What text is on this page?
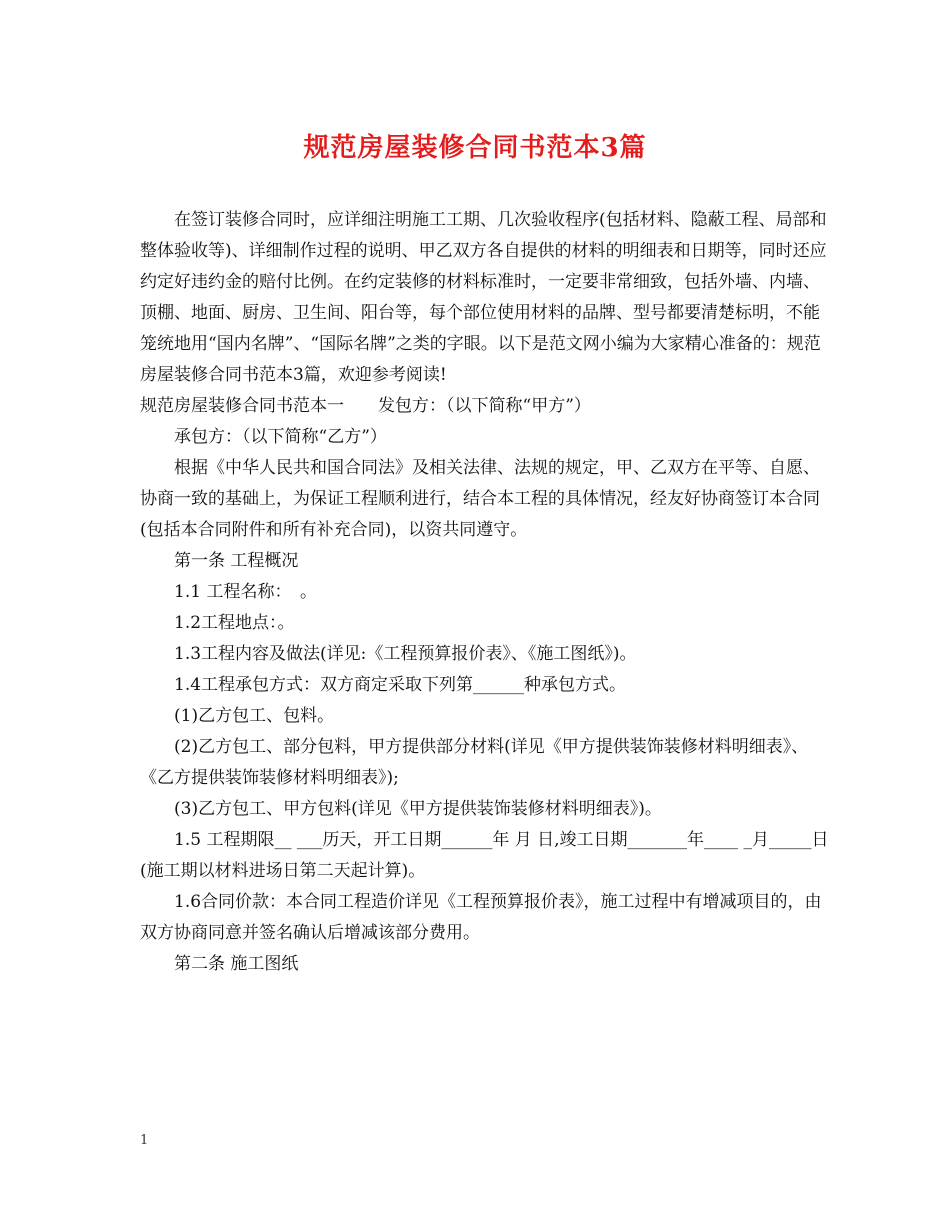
规范房屋装修合同书范本3篇

在签订装修合同时，应详细注明施工工期、几次验收程序(包括材料、隐蔽工程、局部和整体验收等)、详细制作过程的说明、甲乙双方各自提供的材料的明细表和日期等，同时还应约定好违约金的赔付比例。在约定装修的材料标准时，一定要非常细致，包括外墙、内墙、顶棚、地面、厨房、卫生间、阳台等，每个部位使用材料的品牌、型号都要清楚标明，不能笼统地用“国内名牌”、“国际名牌”之类的字眼。以下是范文网小编为大家精心准备的：规范房屋装修合同书范本3篇，欢迎参考阅读!

规范房屋装修合同书范本一　　发包方：（以下简称“甲方”）

承包方：（以下简称“乙方”）

根据《中华人民共和国合同法》及相关法律、法规的规定，甲、乙双方在平等、自愿、协商一致的基础上，为保证工程顺利进行，结合本工程的具体情况，经友好协商签订本合同(包括本合同附件和所有补充合同)，以资共同遵守。

第一条 工程概况

1.1 工程名称：　。

1.2工程地点：。

1.3工程内容及做法(详见:《工程预算报价表》、《施工图纸》)。

1.4工程承包方式：双方商定采取下列第______种承包方式。

(1)乙方包工、包料。

(2)乙方包工、部分包料，甲方提供部分材料(详见《甲方提供装饰装修材料明细表》、《乙方提供装饰装修材料明细表》);

(3)乙方包工、甲方包料(详见《甲方提供装饰装修材料明细表》)。

1.5 工程期限__ ___历天，开工日期______年 月 日,竣工日期_______年____ _月_____日(施工期以材料进场日第二天起计算)。

1.6合同价款：本合同工程造价详见《工程预算报价表》，施工过程中有增减项目的，由双方协商同意并签名确认后增减该部分费用。

第二条 施工图纸

1
